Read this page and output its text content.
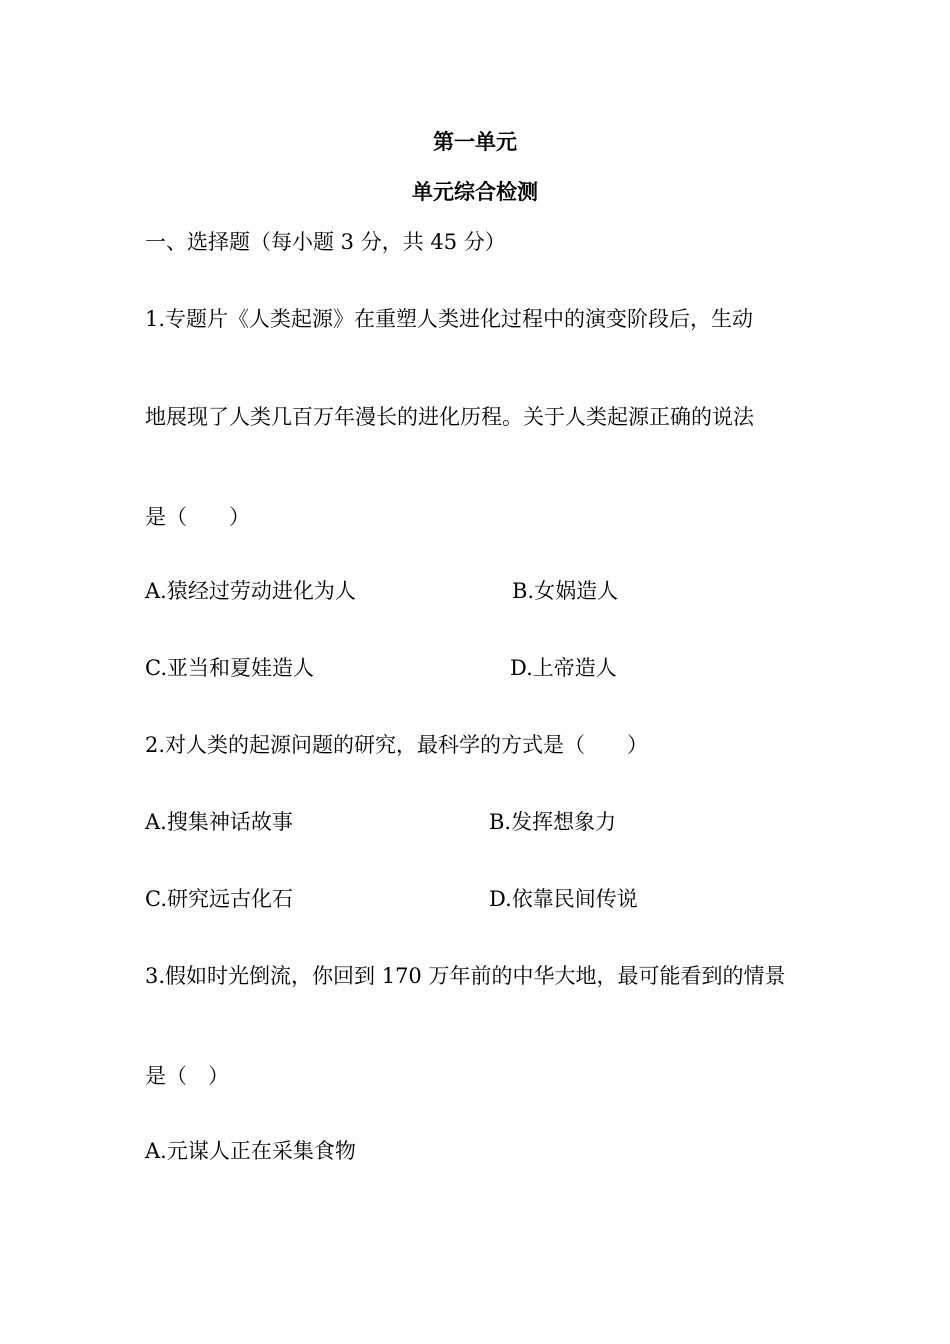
第一单元
单元综合检测
一、选择题（每小题 3 分，共 45 分）
1.专题片《人类起源》在重塑人类进化过程中的演变阶段后，生动
地展现了人类几百万年漫长的进化历程。关于人类起源正确的说法
是（　　）
A.猿经过劳动进化为人	B.女娲造人
C.亚当和夏娃造人	D.上帝造人
2.对人类的起源问题的研究，最科学的方式是（　　）
A.搜集神话故事	B.发挥想象力
C.研究远古化石	D.依靠民间传说
3.假如时光倒流，你回到 170 万年前的中华大地，最可能看到的情景
是（　）
A.元谋人正在采集食物
